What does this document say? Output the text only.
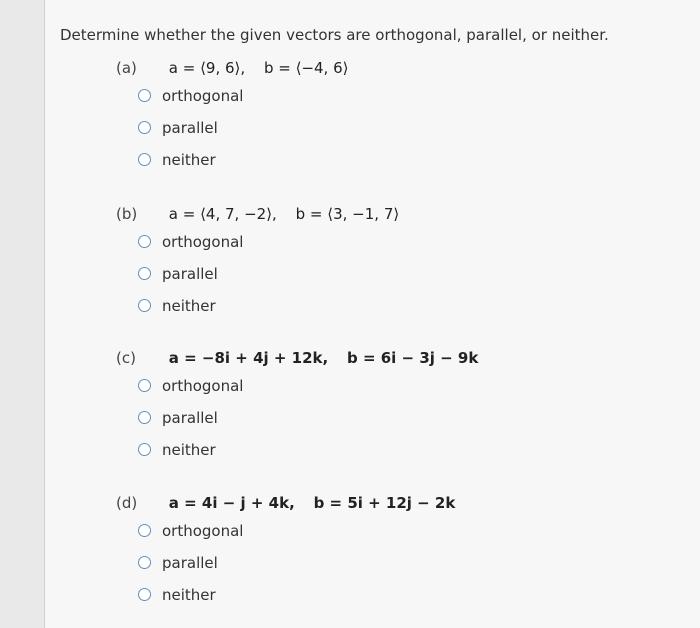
Determine whether the given vectors are orthogonal, parallel, or neither.
(a) a = ⟨9, 6⟩, b = ⟨−4, 6⟩
orthogonal
parallel
neither
(b) a = ⟨4, 7, −2⟩, b = ⟨3, −1, 7⟩
orthogonal
parallel
neither
(c) a = −8i + 4j + 12k, b = 6i − 3j − 9k
orthogonal
parallel
neither
(d) a = 4i − j + 4k, b = 5i + 12j − 2k
orthogonal
parallel
neither
